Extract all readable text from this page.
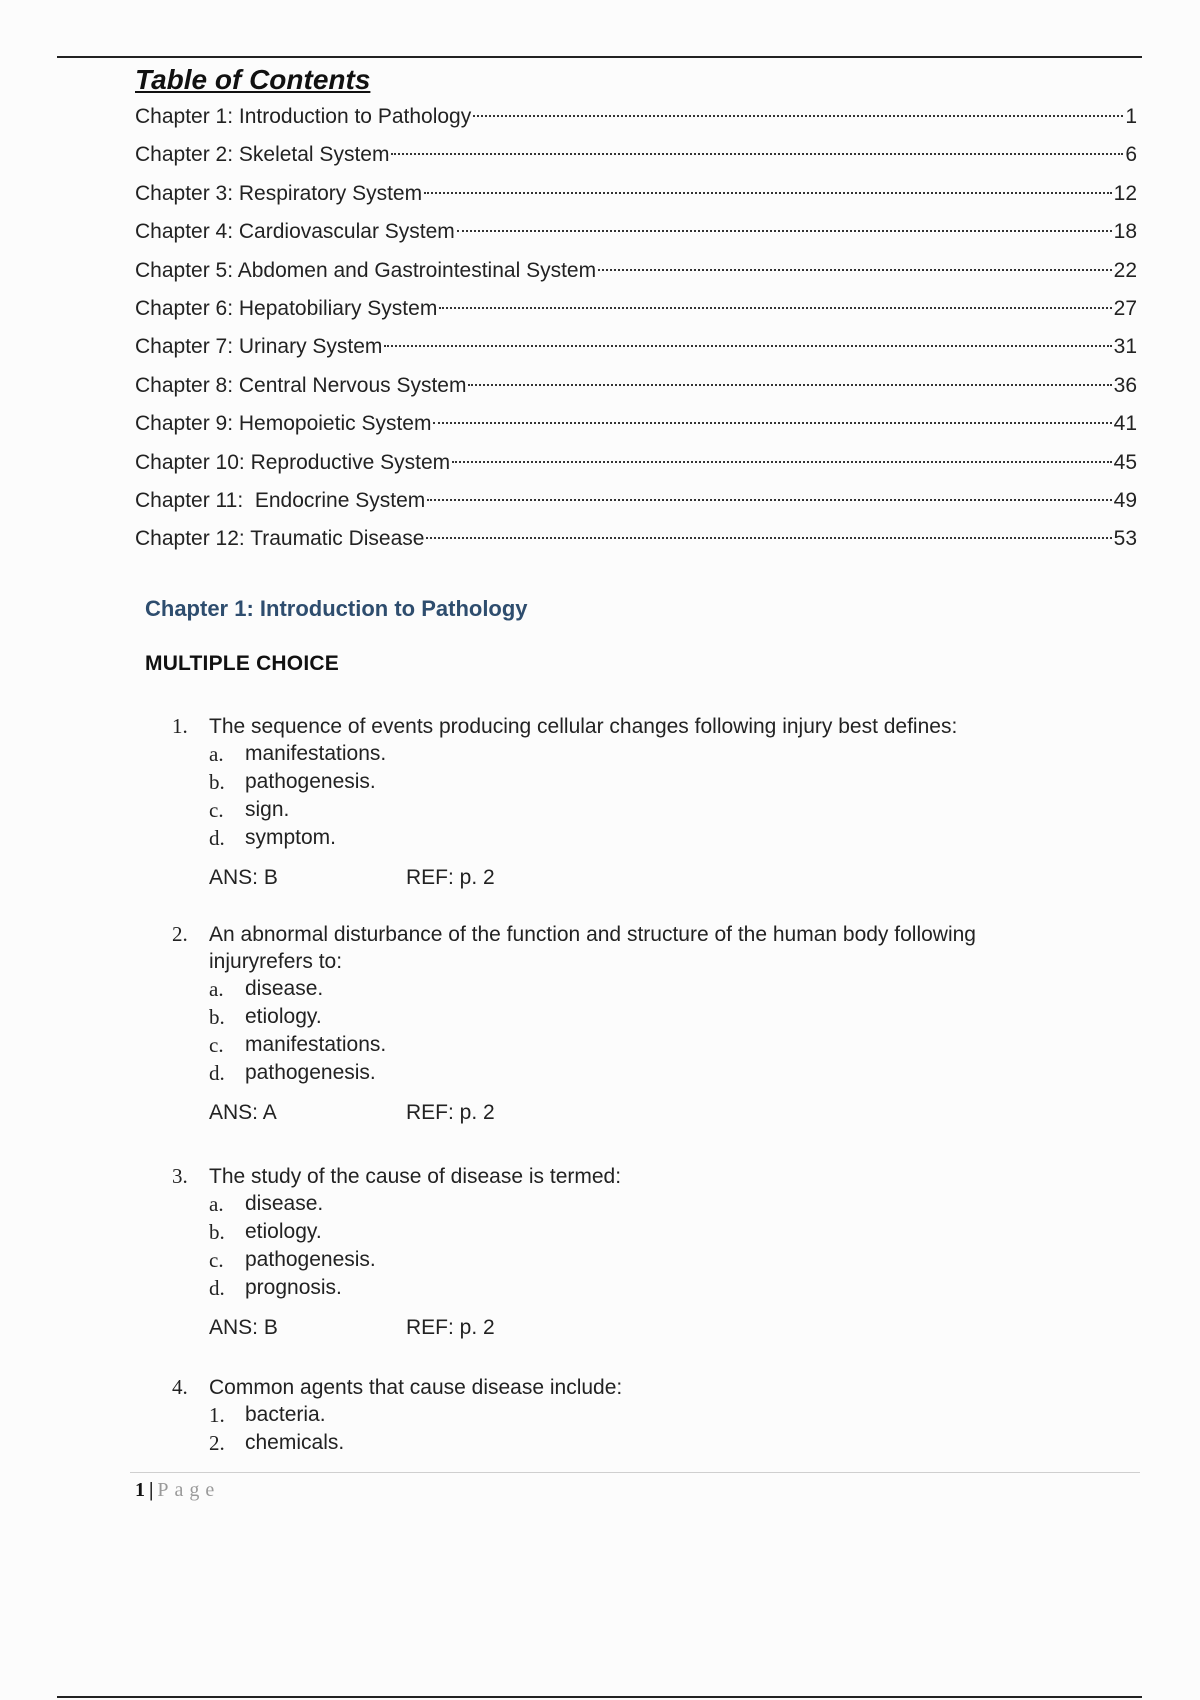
Table of Contents
Chapter 1: Introduction to Pathology	1
Chapter 2: Skeletal System	6
Chapter 3: Respiratory System	12
Chapter 4: Cardiovascular System	18
Chapter 5: Abdomen and Gastrointestinal System	22
Chapter 6: Hepatobiliary System	27
Chapter 7: Urinary System	31
Chapter 8: Central Nervous System	36
Chapter 9: Hemopoietic System	41
Chapter 10: Reproductive System	45
Chapter 11:  Endocrine System	49
Chapter 12: Traumatic Disease	53
Chapter 1: Introduction to Pathology
MULTIPLE CHOICE
1.	The sequence of events producing cellular changes following injury best defines:
a.	manifestations.
b. pathogenesis.
c.	sign.
d. symptom.
ANS: B	REF: p. 2
2.	An abnormal disturbance of the function and structure of the human body following injuryrefers to:
a.	disease.
b. etiology.
c.	manifestations.
d. pathogenesis.
ANS: A	REF: p. 2
3.	The study of the cause of disease is termed:
a.	disease.
b. etiology.
c.	pathogenesis.
d. prognosis.
ANS: B	REF: p. 2
4.	Common agents that cause disease include:
1. bacteria.
2. chemicals.
1 | Page
